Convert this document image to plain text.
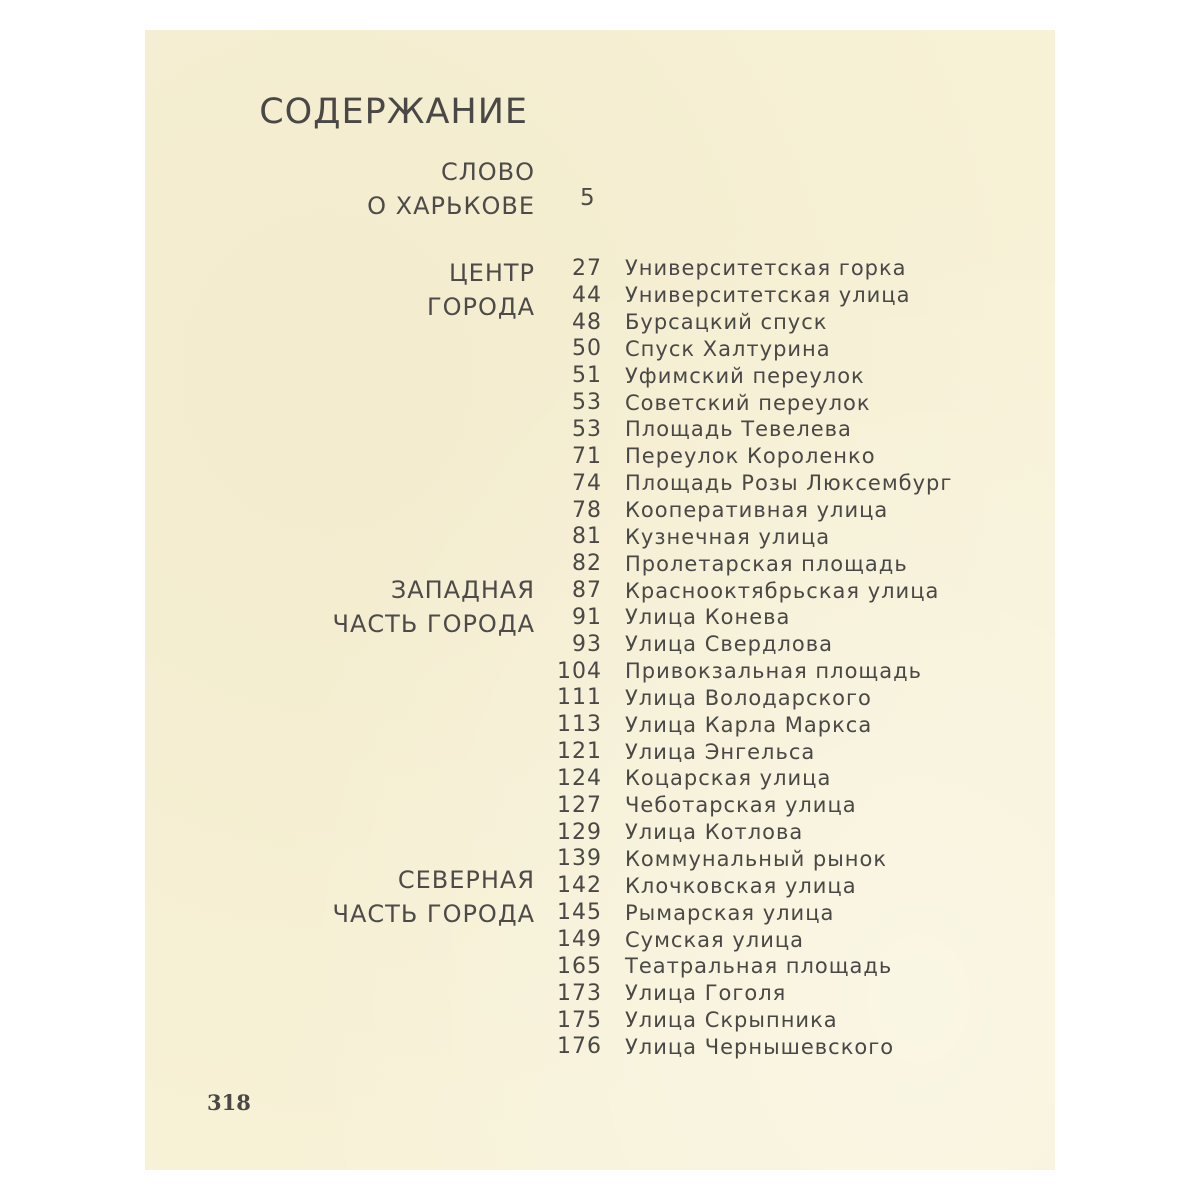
СОДЕРЖАНИЕ
СЛОВО
О ХАРЬКОВЕ 5
ЦЕНТР
ГОРОДА
ЗАПАДНАЯ
ЧАСТЬ ГОРОДА
СЕВЕРНАЯ
ЧАСТЬ ГОРОДА
27 Университетская горка
44 Университетская улица
48 Бурсацкий спуск
50 Спуск Халтурина
51 Уфимский переулок
53 Советский переулок
53 Площадь Тевелева
71 Переулок Короленко
74 Площадь Розы Люксембург
78 Кооперативная улица
81 Кузнечная улица
82 Пролетарская площадь
87 Краснооктябрьская улица
91 Улица Конева
93 Улица Свердлова
104 Привокзальная площадь
111 Улица Володарского
113 Улица Карла Маркса
121 Улица Энгельса
124 Коцарская улица
127 Чеботарская улица
129 Улица Котлова
139 Коммунальный рынок
142 Клочковская улица
145 Рымарская улица
149 Сумская улица
165 Театральная площадь
173 Улица Гоголя
175 Улица Скрыпника
176 Улица Чернышевского
318
